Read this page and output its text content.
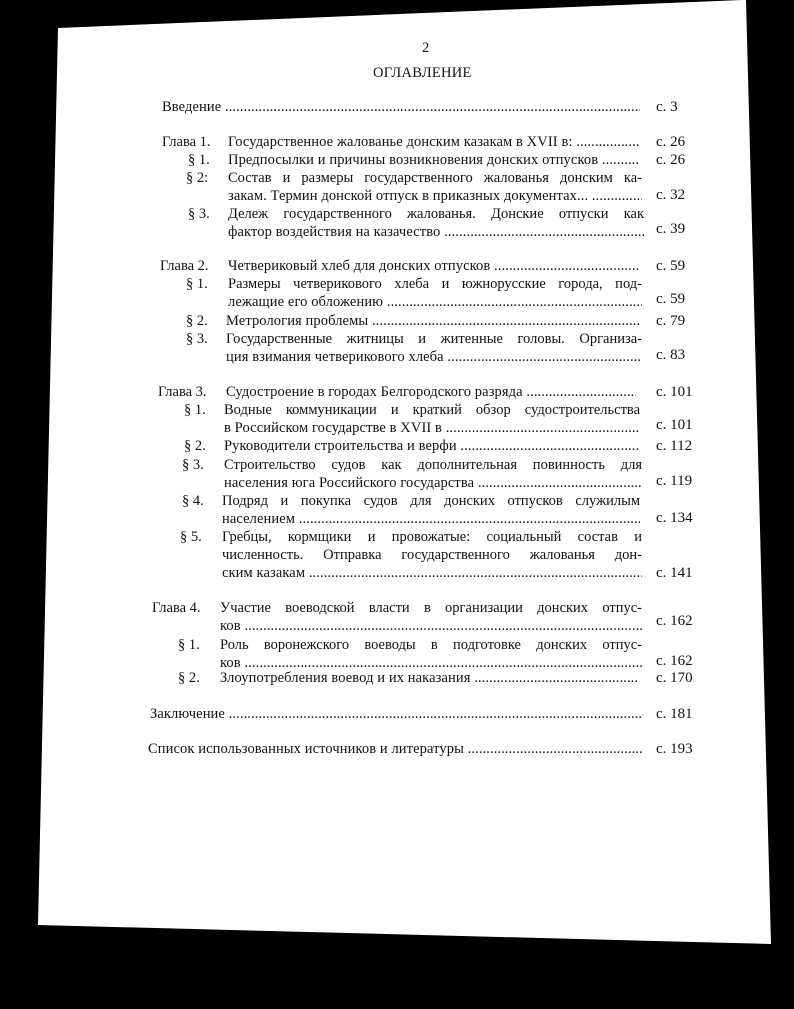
2
ОГЛАВЛЕНИЕ
Введение .....	с. 3
Глава 1. Государственное жалованье донским казакам в XVII в: .....	с. 26
§ 1. Предпосылки и причины возникновения донских отпусков .....	с. 26
§ 2: Состав и размеры государственного жалованья донским ка-
закам. Термин донской отпуск в приказных документах... .....	с. 32
§ 3. Дележ государственного жалованья. Донские отпуски как
фактор воздействия на казачество .....	с. 39
Глава 2. Четвериковый хлеб для донских отпусков .....	с. 59
§ 1. Размеры четверикового хлеба и южнорусские города, под-
лежащие его обложению .....	с. 59
§ 2. Метрология проблемы .....	с. 79
§ 3. Государственные житницы и житенные головы. Организа-
ция взимания четверикового хлеба .....	с. 83
Глава 3. Судостроение в городах Белгородского разряда .....	с. 101
§ 1. Водные коммуникации и краткий обзор судостроительства
в Российском государстве в XVII в .....	с. 101
§ 2. Руководители строительства и верфи .....	с. 112
§ 3. Строительство судов как дополнительная повинность для
населения юга Российского государства .....	с. 119
§ 4. Подряд и покупка судов для донских отпусков служилым
населением .....	с. 134
§ 5. Гребцы, кормщики и провожатые: социальный состав и
численность. Отправка государственного жалованья дон-
ским казакам .....	с. 141
Глава 4. Участие воеводской власти в организации донских отпус-
ков .....	с. 162
§ 1. Роль воронежского воеводы в подготовке донских отпус-
ков .....	с. 162
§ 2. Злоупотребления воевод и их наказания .....	с. 170
Заключение .....	с. 181
Список использованных источников и литературы .....	с. 193
